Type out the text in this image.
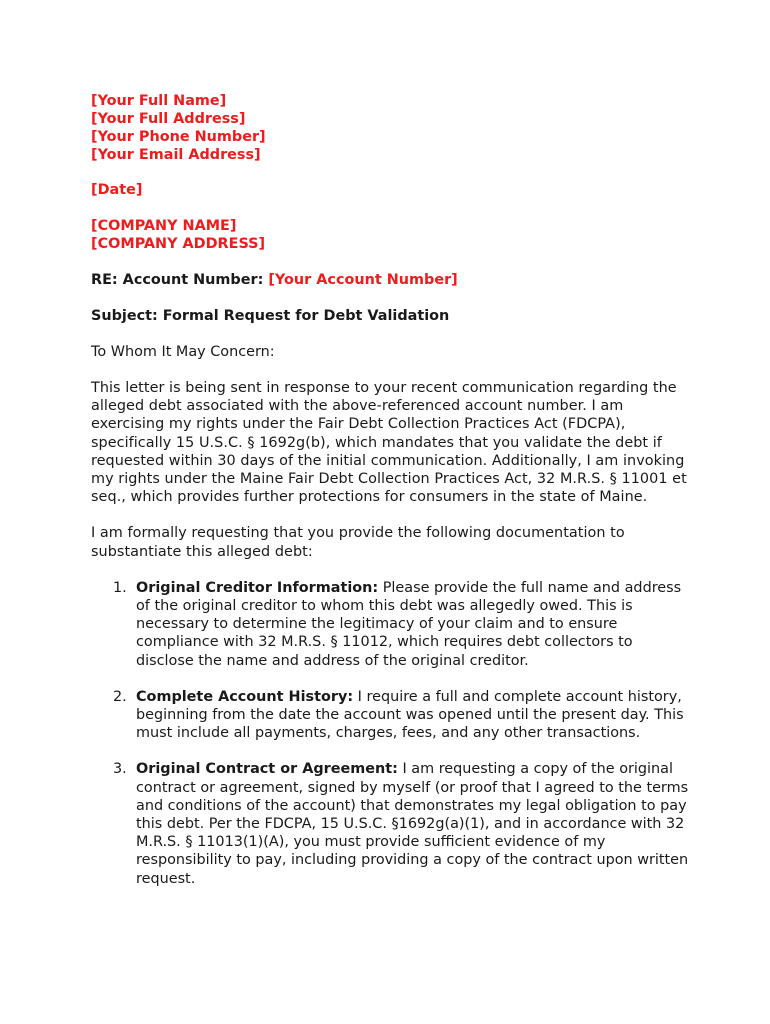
[Your Full Name]
[Your Full Address]
[Your Phone Number]
[Your Email Address]
[Date]
[COMPANY NAME]
[COMPANY ADDRESS]
RE: Account Number: [Your Account Number]
Subject: Formal Request for Debt Validation
To Whom It May Concern:

This letter is being sent in response to your recent communication regarding the alleged debt associated with the above-referenced account number. I am exercising my rights under the Fair Debt Collection Practices Act (FDCPA), specifically 15 U.S.C. § 1692g(b), which mandates that you validate the debt if requested within 30 days of the initial communication. Additionally, I am invoking my rights under the Maine Fair Debt Collection Practices Act, 32 M.R.S. § 11001 et seq., which provides further protections for consumers in the state of Maine.

I am formally requesting that you provide the following documentation to substantiate this alleged debt:

1. Original Creditor Information: Please provide the full name and address of the original creditor to whom this debt was allegedly owed. This is necessary to determine the legitimacy of your claim and to ensure compliance with 32 M.R.S. § 11012, which requires debt collectors to disclose the name and address of the original creditor.
2. Complete Account History: I require a full and complete account history, beginning from the date the account was opened until the present day. This must include all payments, charges, fees, and any other transactions.
3. Original Contract or Agreement: I am requesting a copy of the original contract or agreement, signed by myself (or proof that I agreed to the terms and conditions of the account) that demonstrates my legal obligation to pay this debt. Per the FDCPA, 15 U.S.C. §1692g(a)(1), and in accordance with 32 M.R.S. § 11013(1)(A), you must provide sufficient evidence of my responsibility to pay, including providing a copy of the contract upon written request.
